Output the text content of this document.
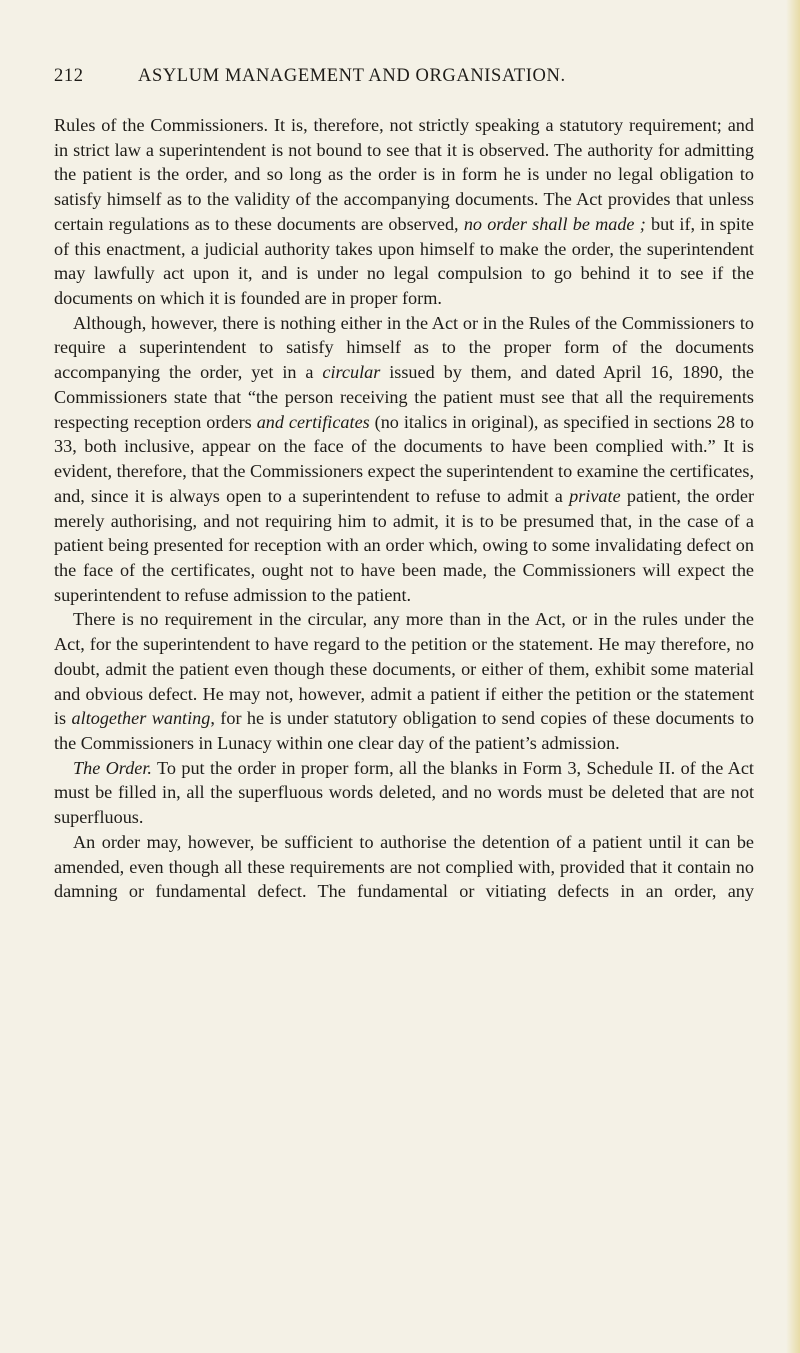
212	ASYLUM MANAGEMENT AND ORGANISATION.

Rules of the Commissioners. It is, therefore, not strictly speaking a statutory requirement; and in strict law a superintendent is not bound to see that it is observed. The authority for admitting the patient is the order, and so long as the order is in form he is under no legal obligation to satisfy himself as to the validity of the accompanying documents. The Act provides that unless certain regulations as to these documents are observed, no order shall be made ; but if, in spite of this enactment, a judicial authority takes upon himself to make the order, the superintendent may lawfully act upon it, and is under no legal compulsion to go behind it to see if the documents on which it is founded are in proper form.

Although, however, there is nothing either in the Act or in the Rules of the Commissioners to require a superintendent to satisfy himself as to the proper form of the documents accompanying the order, yet in a circular issued by them, and dated April 16, 1890, the Commissioners state that “the person receiving the patient must see that all the requirements respecting reception orders and certificates (no italics in original), as specified in sections 28 to 33, both inclusive, appear on the face of the documents to have been complied with.” It is evident, therefore, that the Commissioners expect the superintendent to examine the certificates, and, since it is always open to a superintendent to refuse to admit a private patient, the order merely authorising, and not requiring him to admit, it is to be presumed that, in the case of a patient being presented for reception with an order which, owing to some invalidating defect on the face of the certificates, ought not to have been made, the Commissioners will expect the superintendent to refuse admission to the patient.

There is no requirement in the circular, any more than in the Act, or in the rules under the Act, for the superintendent to have regard to the petition or the statement. He may therefore, no doubt, admit the patient even though these documents, or either of them, exhibit some material and obvious defect. He may not, however, admit a patient if either the petition or the statement is altogether wanting, for he is under statutory obligation to send copies of these documents to the Commissioners in Lunacy within one clear day of the patient’s admission.

The Order. To put the order in proper form, all the blanks in Form 3, Schedule II. of the Act must be filled in, all the superfluous words deleted, and no words must be deleted that are not superfluous.

An order may, however, be sufficient to authorise the detention of a patient until it can be amended, even though all these requirements are not complied with, provided that it contain no damning or fundamental defect. The fundamental or vitiating defects in an order, any
